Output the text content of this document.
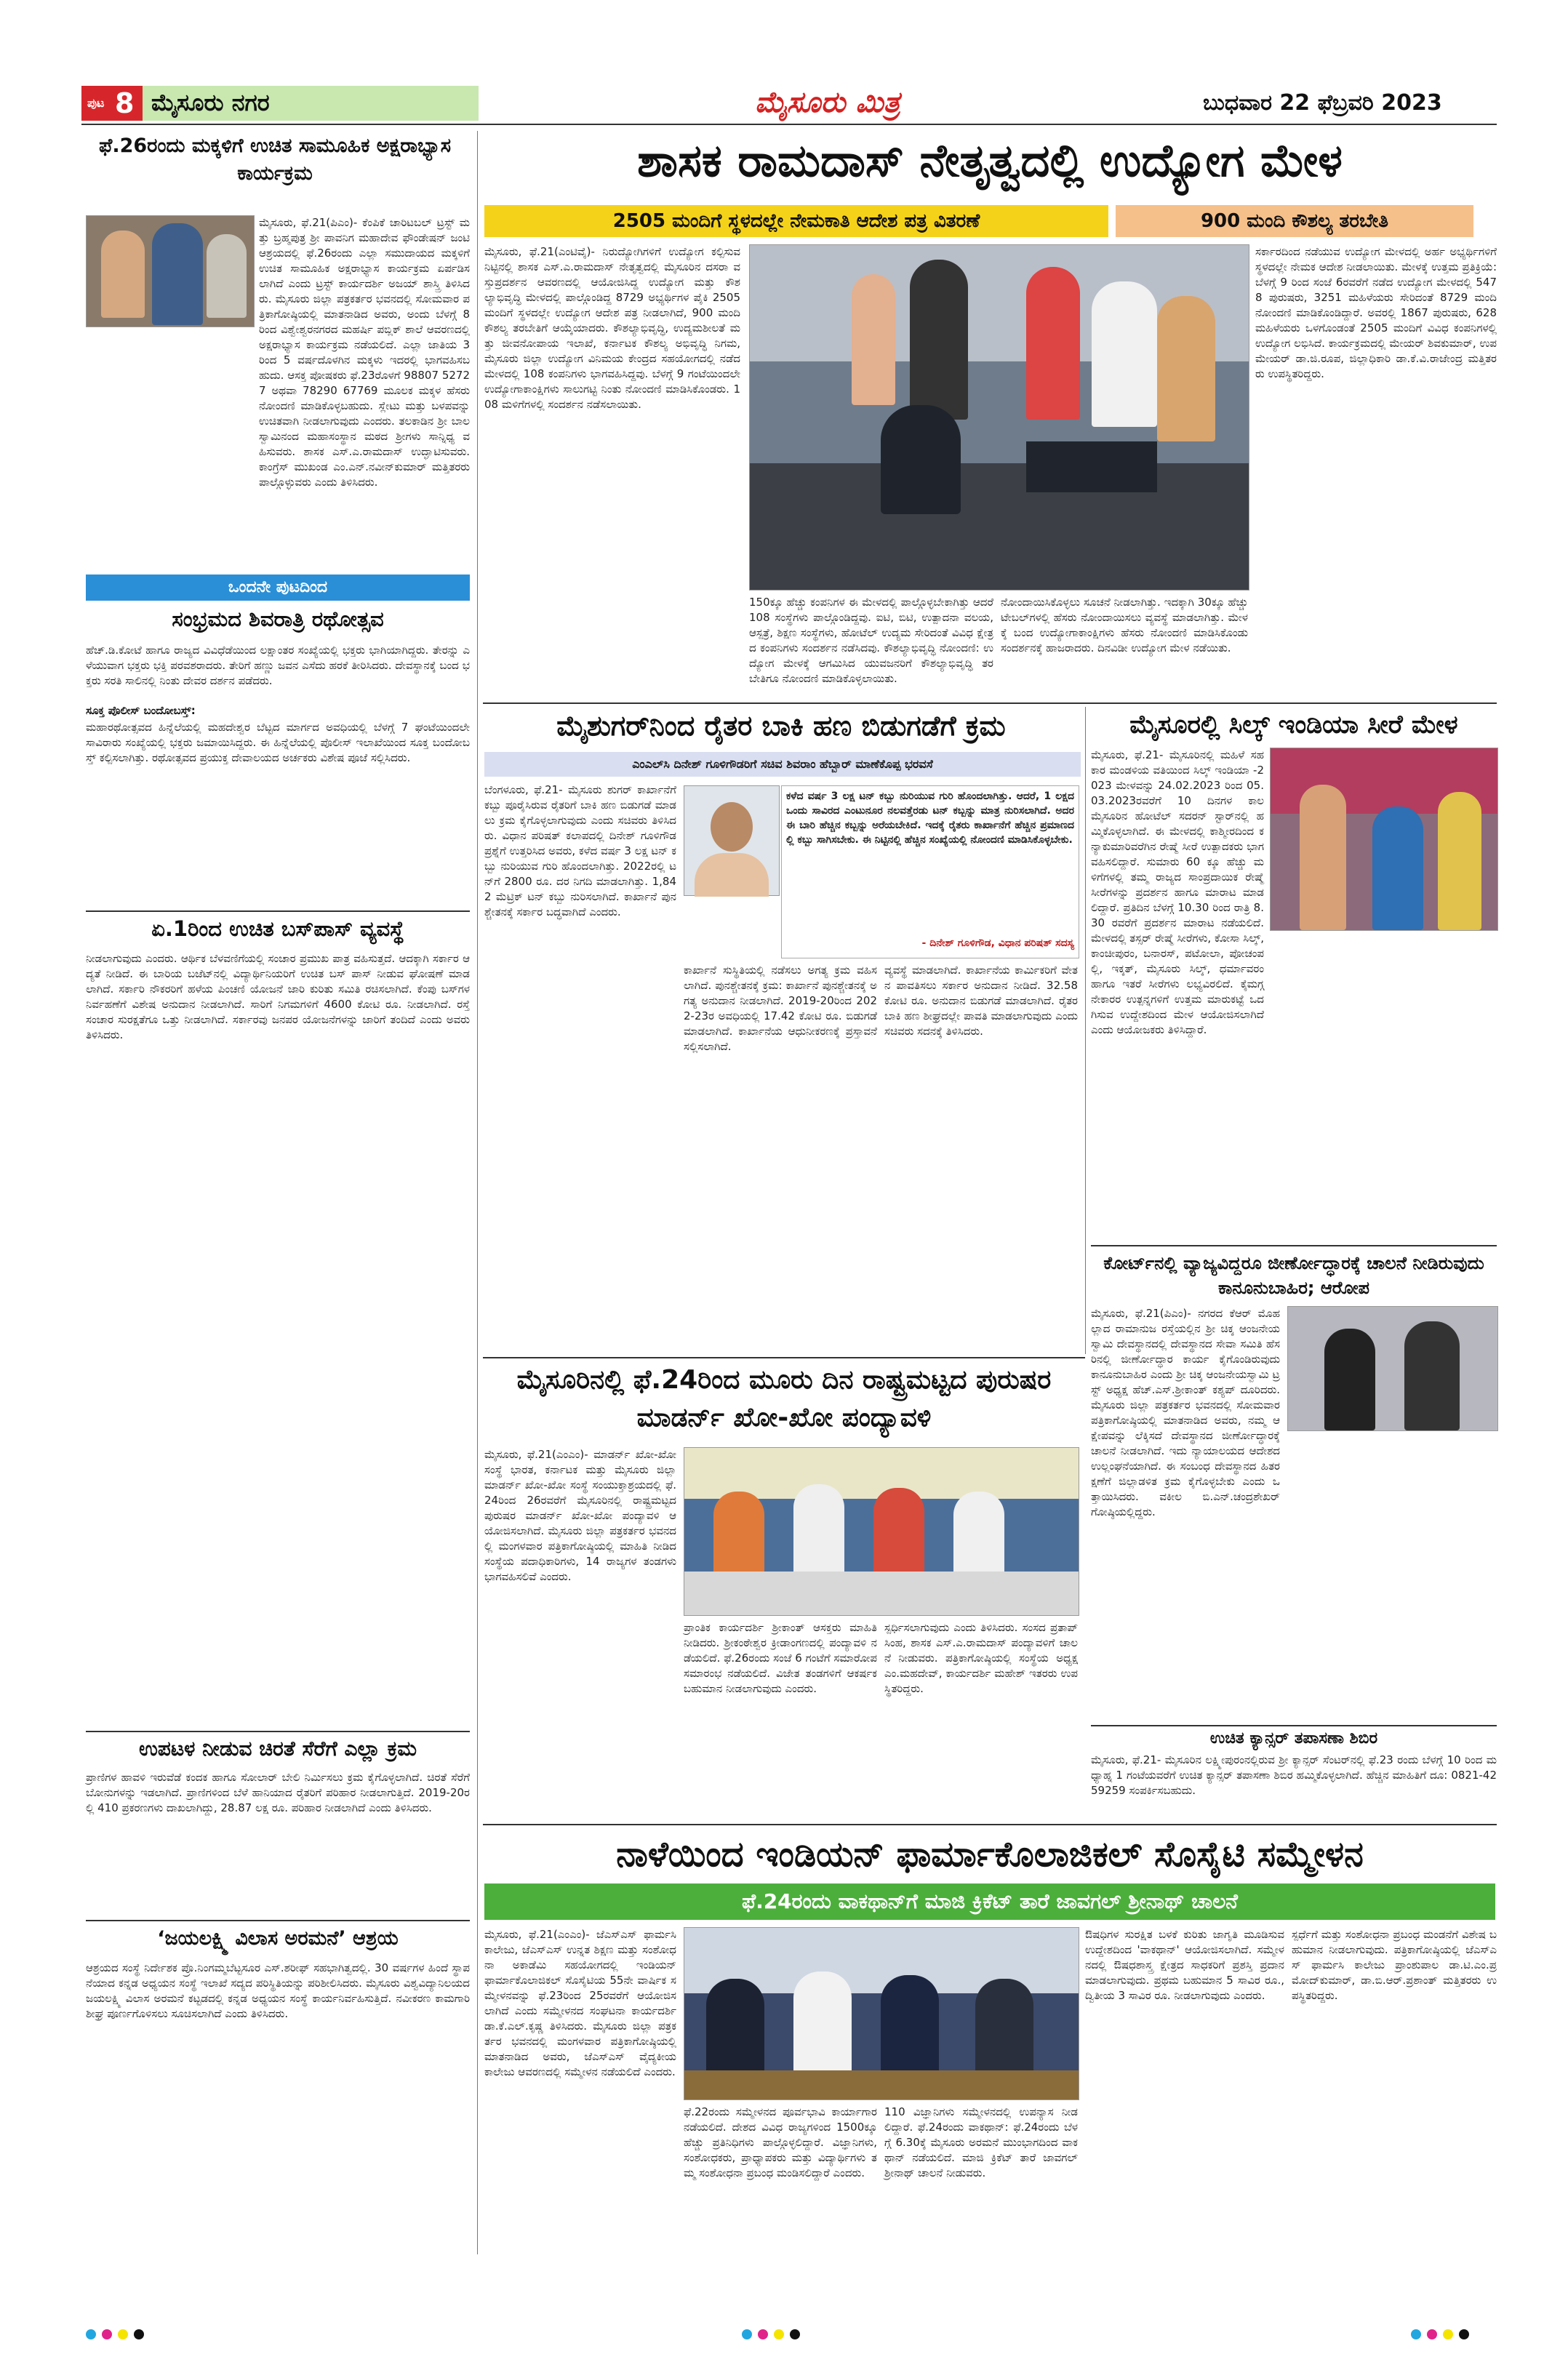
ಪುಟ 8 ಮೈಸೂರು ನಗರ	ಮೈಸೂರು ಮಿತ್ರ	ಬುಧವಾರ 22 ಫೆಬ್ರವರಿ 2023
ಫೆ.26ರಂದು ಮಕ್ಕಳಿಗೆ ಉಚಿತ ಸಾಮೂಹಿಕ ಅಕ್ಷರಾಭ್ಯಾಸ ಕಾರ್ಯಕ್ರಮ
ಮೈಸೂರು, ಫೆ.21(ಪಿಎಂ)- ಕೆಂಪಿಕೆ ಚಾರಿಟಬಲ್ ಟ್ರಸ್ಟ್ ಮತ್ತು ಬ್ರಹ್ಮಪುತ್ರ ಶ್ರೀ ಪಾವನಿಗ ಮಹಾದೇವ ಫೌಂಡೇಷನ್ ಜಂಟಿ ಆಶ್ರಯದಲ್ಲಿ ಫೆ.26ರಂದು ಎಲ್ಲಾ ಸಮುದಾಯದ ಮಕ್ಕಳಿಗೆ ಉಚಿತ ಸಾಮೂಹಿಕ ಅಕ್ಷರಾಭ್ಯಾಸ ಕಾರ್ಯಕ್ರಮ ಏರ್ಪಡಿಸಲಾಗಿದೆ ಎಂದು ಟ್ರಸ್ಟ್ ಕಾರ್ಯದರ್ಶಿ ಅಜಯ್ ಶಾಸ್ತ್ರಿ ತಿಳಿಸಿದರು. ಮೈಸೂರು ಜಿಲ್ಲಾ ಪತ್ರಕರ್ತರ ಭವನದಲ್ಲಿ ಸೋಮವಾರ ಪತ್ರಿಕಾಗೋಷ್ಠಿಯಲ್ಲಿ ಮಾತನಾಡಿದ ಅವರು, ಅಂದು ಬೆಳಗ್ಗೆ 8ರಿಂದ ವಿಶ್ವೇಶ್ವರನಗರದ ಮಹರ್ಷಿ ಪಬ್ಲಿಕ್ ಶಾಲೆ ಆವರಣದಲ್ಲಿ ಅಕ್ಷರಾಭ್ಯಾಸ ಕಾರ್ಯಕ್ರಮ ನಡೆಯಲಿದೆ. ಎಲ್ಲಾ ಜಾತಿಯ 3ರಿಂದ 5 ವರ್ಷದೊಳಗಿನ ಮಕ್ಕಳು ಇದರಲ್ಲಿ ಭಾಗವಹಿಸಬಹುದು. ಆಸಕ್ತ ಪೋಷಕರು ಫೆ.23ರೊಳಗೆ 98807 52727 ಅಥವಾ 78290 67769 ಮೂಲಕ ಮಕ್ಕಳ ಹೆಸರು ನೋಂದಣಿ ಮಾಡಿಕೊಳ್ಳಬಹುದು. ಸ್ಲೇಟು ಮತ್ತು ಬಳಪವನ್ನು ಉಚಿತವಾಗಿ ನೀಡಲಾಗುವುದು ಎಂದರು. ತಲಕಾಡಿನ ಶ್ರೀ ಬಾಲಸ್ವಾಮಿನಂದ ಮಹಾಸಂಸ್ಥಾನ ಮಠದ ಶ್ರೀಗಳು ಸಾನ್ನಿಧ್ಯ ವಹಿಸುವರು. ಶಾಸಕ ಎಸ್.ಎ.ರಾಮದಾಸ್ ಉದ್ಘಾಟಿಸುವರು. ಕಾಂಗ್ರೆಸ್ ಮುಖಂಡ ಎಂ.ಎನ್.ನವೀನ್‌ಕುಮಾರ್ ಮತ್ತಿತರರು ಪಾಲ್ಗೊಳ್ಳುವರು ಎಂದು ತಿಳಿಸಿದರು.
ಒಂದನೇ ಪುಟದಿಂದ
ಸಂಭ್ರಮದ ಶಿವರಾತ್ರಿ ರಥೋತ್ಸವ
ಹೆಚ್.ಡಿ.ಕೋಟೆ ಹಾಗೂ ರಾಜ್ಯದ ವಿವಿಧೆಡೆಯಿಂದ ಲಕ್ಷಾಂತರ ಸಂಖ್ಯೆಯಲ್ಲಿ ಭಕ್ತರು ಭಾಗಿಯಾಗಿದ್ದರು. ತೇರನ್ನು ಎಳೆಯುವಾಗ ಭಕ್ತರು ಭಕ್ತಿ ಪರವಶರಾದರು. ತೇರಿಗೆ ಹಣ್ಣು ಜವನ ಎಸೆದು ಹರಕೆ ತೀರಿಸಿದರು. ದೇವಸ್ಥಾನಕ್ಕೆ ಬಂದ ಭಕ್ತರು ಸರತಿ ಸಾಲಿನಲ್ಲಿ ನಿಂತು ದೇವರ ದರ್ಶನ ಪಡೆದರು.
ಸೂಕ್ತ ಪೊಲೀಸ್ ಬಂದೋಬಸ್ತ್:
ಮಹಾರಥೋತ್ಸವದ ಹಿನ್ನೆಲೆಯಲ್ಲಿ ಮಹದೇಶ್ವರ ಬೆಟ್ಟದ ಮಾರ್ಗದ ಅವಧಿಯಲ್ಲಿ ಬೆಳಗ್ಗೆ 7 ಘಂಟೆಯಿಂದಲೇ ಸಾವಿರಾರು ಸಂಖ್ಯೆಯಲ್ಲಿ ಭಕ್ತರು ಜಮಾಯಿಸಿದ್ದರು. ಈ ಹಿನ್ನೆಲೆಯಲ್ಲಿ ಪೊಲೀಸ್ ಇಲಾಖೆಯಿಂದ ಸೂಕ್ತ ಬಂದೋಬಸ್ತ್ ಕಲ್ಪಿಸಲಾಗಿತ್ತು. ರಥೋತ್ಸವದ ಪ್ರಯುಕ್ತ ದೇವಾಲಯದ ಅರ್ಚಕರು ವಿಶೇಷ ಪೂಜೆ ಸಲ್ಲಿಸಿದರು.
ಏ.1ರಿಂದ ಉಚಿತ ಬಸ್‌ಪಾಸ್ ವ್ಯವಸ್ಥೆ
ನೀಡಲಾಗುವುದು ಎಂದರು. ಆರ್ಥಿಕ ಬೆಳವಣಿಗೆಯಲ್ಲಿ ಸಂಚಾರ ಪ್ರಮುಖ ಪಾತ್ರ ವಹಿಸುತ್ತದೆ. ಆದಕ್ಕಾಗಿ ಸರ್ಕಾರ ಆದ್ಯತೆ ನೀಡಿದೆ. ಈ ಬಾರಿಯ ಬಜೆಟ್‌ನಲ್ಲಿ ವಿದ್ಯಾರ್ಥಿನಿಯರಿಗೆ ಉಚಿತ ಬಸ್ ಪಾಸ್ ನೀಡುವ ಘೋಷಣೆ ಮಾಡಲಾಗಿದೆ. ಸರ್ಕಾರಿ ನೌಕರರಿಗೆ ಹಳೆಯ ಪಿಂಚಣಿ ಯೋಜನೆ ಜಾರಿ ಕುರಿತು ಸಮಿತಿ ರಚಿಸಲಾಗಿದೆ. ಕೆಂಪು ಬಸ್‌ಗಳ ನಿರ್ವಹಣೆಗೆ ವಿಶೇಷ ಅನುದಾನ ನೀಡಲಾಗಿದೆ. ಸಾರಿಗೆ ನಿಗಮಗಳಿಗೆ 4600 ಕೋಟಿ ರೂ. ನೀಡಲಾಗಿದೆ. ರಸ್ತೆ ಸಂಚಾರ ಸುರಕ್ಷತೆಗೂ ಒತ್ತು ನೀಡಲಾಗಿದೆ. ಸರ್ಕಾರವು ಜನಪರ ಯೋಜನೆಗಳನ್ನು ಜಾರಿಗೆ ತಂದಿದೆ ಎಂದು ಅವರು ತಿಳಿಸಿದರು.
ಉಪಟಳ ನೀಡುವ ಚಿರತೆ ಸೆರೆಗೆ ಎಲ್ಲಾ ಕ್ರಮ
ಪ್ರಾಣಿಗಳ ಹಾವಳಿ ಇರುವೆಡೆ ಕಂದಕ ಹಾಗೂ ಸೋಲಾರ್ ಬೇಲಿ ನಿರ್ಮಿಸಲು ಕ್ರಮ ಕೈಗೊಳ್ಳಲಾಗಿದೆ. ಚಿರತೆ ಸೆರೆಗೆ ಬೋನುಗಳನ್ನು ಇಡಲಾಗಿದೆ. ಪ್ರಾಣಿಗಳಿಂದ ಬೆಳೆ ಹಾನಿಯಾದ ರೈತರಿಗೆ ಪರಿಹಾರ ನೀಡಲಾಗುತ್ತಿದೆ. 2019-20ರಲ್ಲಿ 410 ಪ್ರಕರಣಗಳು ದಾಖಲಾಗಿದ್ದು, 28.87 ಲಕ್ಷ ರೂ. ಪರಿಹಾರ ನೀಡಲಾಗಿದೆ ಎಂದು ತಿಳಿಸಿದರು.
‘ಜಯಲಕ್ಷ್ಮಿ ವಿಲಾಸ ಅರಮನೆ’ ಆಶ್ರಯ
ಆಶ್ರಯದ ಸಂಸ್ಥೆ ನಿರ್ದೇಶಕ ಪ್ರೊ.ನಿಂಗಮ್ಮಬೆಟ್ಟಸೂರ ಎಸ್.ಶರೀಫ್ ಸಹಭಾಗಿತ್ವದಲ್ಲಿ. 30 ವರ್ಷಗಳ ಹಿಂದೆ ಸ್ಥಾಪನೆಯಾದ ಕನ್ನಡ ಅಧ್ಯಯನ ಸಂಸ್ಥೆ ಇಲಾಖೆ ಸದ್ಯದ ಪರಿಸ್ಥಿತಿಯನ್ನು ಪರಿಶೀಲಿಸಿದರು. ಮೈಸೂರು ವಿಶ್ವವಿದ್ಯಾನಿಲಯದ ಜಯಲಕ್ಷ್ಮಿ ವಿಲಾಸ ಅರಮನೆ ಕಟ್ಟಡದಲ್ಲಿ ಕನ್ನಡ ಅಧ್ಯಯನ ಸಂಸ್ಥೆ ಕಾರ್ಯನಿರ್ವಹಿಸುತ್ತಿದೆ. ನವೀಕರಣ ಕಾಮಗಾರಿ ಶೀಘ್ರ ಪೂರ್ಣಗೊಳಿಸಲು ಸೂಚಿಸಲಾಗಿದೆ ಎಂದು ತಿಳಿಸಿದರು.
ಶಾಸಕ ರಾಮದಾಸ್ ನೇತೃತ್ವದಲ್ಲಿ ಉದ್ಯೋಗ ಮೇಳ
2505 ಮಂದಿಗೆ ಸ್ಥಳದಲ್ಲೇ ನೇಮಕಾತಿ ಆದೇಶ ಪತ್ರ ವಿತರಣೆ	900 ಮಂದಿ ಕೌಶಲ್ಯ ತರಬೇತಿ
ಮೈಸೂರು, ಫೆ.21(ಎಂಟಿವೈ)- ನಿರುದ್ಯೋಗಿಗಳಿಗೆ ಉದ್ಯೋಗ ಕಲ್ಪಿಸುವ ನಿಟ್ಟಿನಲ್ಲಿ ಶಾಸಕ ಎಸ್.ಎ.ರಾಮದಾಸ್ ನೇತೃತ್ವದಲ್ಲಿ ಮೈಸೂರಿನ ದಸರಾ ವಸ್ತುಪ್ರದರ್ಶನ ಆವರಣದಲ್ಲಿ ಆಯೋಜಿಸಿದ್ದ ಉದ್ಯೋಗ ಮತ್ತು ಕೌಶಲ್ಯಾಭಿವೃದ್ಧಿ ಮೇಳದಲ್ಲಿ ಪಾಲ್ಗೊಂಡಿದ್ದ 8729 ಅಭ್ಯರ್ಥಿಗಳ ಪೈಕಿ 2505 ಮಂದಿಗೆ ಸ್ಥಳದಲ್ಲೇ ಉದ್ಯೋಗ ಆದೇಶ ಪತ್ರ ನೀಡಲಾಗಿದೆ, 900 ಮಂದಿ ಕೌಶಲ್ಯ ತರಬೇತಿಗೆ ಆಯ್ಕೆಯಾದರು. ಕೌಶಲ್ಯಾಭಿವೃದ್ಧಿ, ಉದ್ಯಮಶೀಲತೆ ಮತ್ತು ಜೀವನೋಪಾಯ ಇಲಾಖೆ, ಕರ್ನಾಟಕ ಕೌಶಲ್ಯ ಅಭಿವೃದ್ಧಿ ನಿಗಮ, ಮೈಸೂರು ಜಿಲ್ಲಾ ಉದ್ಯೋಗ ವಿನಿಮಯ ಕೇಂದ್ರದ ಸಹಯೋಗದಲ್ಲಿ ನಡೆದ ಮೇಳದಲ್ಲಿ 108 ಕಂಪನಿಗಳು ಭಾಗವಹಿಸಿದ್ದವು. ಬೆಳಗ್ಗೆ 9 ಗಂಟೆಯಿಂದಲೇ ಉದ್ಯೋಗಾಕಾಂಕ್ಷಿಗಳು ಸಾಲುಗಟ್ಟಿ ನಿಂತು ನೋಂದಣಿ ಮಾಡಿಸಿಕೊಂಡರು. 108 ಮಳಿಗೆಗಳಲ್ಲಿ ಸಂದರ್ಶನ ನಡೆಸಲಾಯಿತು.
150ಕ್ಕೂ ಹೆಚ್ಚು ಕಂಪನಿಗಳ ಈ ಮೇಳದಲ್ಲಿ ಪಾಲ್ಗೊಳ್ಳಬೇಕಾಗಿತ್ತು ಆದರೆ 108 ಸಂಸ್ಥೆಗಳು ಪಾಲ್ಗೊಂಡಿದ್ದವು. ಐಟಿ, ಬಿಟಿ, ಉತ್ಪಾದನಾ ವಲಯ, ಆಸ್ಪತ್ರೆ, ಶಿಕ್ಷಣ ಸಂಸ್ಥೆಗಳು, ಹೋಟೆಲ್ ಉದ್ಯಮ ಸೇರಿದಂತೆ ವಿವಿಧ ಕ್ಷೇತ್ರದ ಕಂಪನಿಗಳು ಸಂದರ್ಶನ ನಡೆಸಿದವು. ಕೌಶಲ್ಯಾಭಿವೃದ್ಧಿ ನೋಂದಣಿ: ಉದ್ಯೋಗ ಮೇಳಕ್ಕೆ ಆಗಮಿಸಿದ ಯುವಜನರಿಗೆ ಕೌಶಲ್ಯಾಭಿವೃದ್ಧಿ ತರಬೇತಿಗೂ ನೋಂದಣಿ ಮಾಡಿಕೊಳ್ಳಲಾಯಿತು.
ನೋಂದಾಯಿಸಿಕೊಳ್ಳಲು ಸೂಚನೆ ನೀಡಲಾಗಿತ್ತು. ಇದಕ್ಕಾಗಿ 30ಕ್ಕೂ ಹೆಚ್ಚು ಟೇಬಲ್‌ಗಳಲ್ಲಿ ಹೆಸರು ನೋಂದಾಯಿಸಲು ವ್ಯವಸ್ಥೆ ಮಾಡಲಾಗಿತ್ತು. ಮೇಳಕ್ಕೆ ಬಂದ ಉದ್ಯೋಗಾಕಾಂಕ್ಷಿಗಳು ಹೆಸರು ನೋಂದಣಿ ಮಾಡಿಸಿಕೊಂಡು ಸಂದರ್ಶನಕ್ಕೆ ಹಾಜರಾದರು. ದಿನವಿಡೀ ಉದ್ಯೋಗ ಮೇಳ ನಡೆಯಿತು.
ಸರ್ಕಾರದಿಂದ ನಡೆಯುವ ಉದ್ಯೋಗ ಮೇಳದಲ್ಲಿ ಅರ್ಹ ಅಭ್ಯರ್ಥಿಗಳಿಗೆ ಸ್ಥಳದಲ್ಲೇ ನೇಮಕ ಆದೇಶ ನೀಡಲಾಯಿತು. ಮೇಳಕ್ಕೆ ಉತ್ತಮ ಪ್ರತಿಕ್ರಿಯೆ: ಬೆಳಗ್ಗೆ 9 ರಿಂದ ಸಂಜೆ 6ರವರೆಗೆ ನಡೆದ ಉದ್ಯೋಗ ಮೇಳದಲ್ಲಿ 5478 ಪುರುಷರು, 3251 ಮಹಿಳೆಯರು ಸೇರಿದಂತೆ 8729 ಮಂದಿ ನೋಂದಣಿ ಮಾಡಿಕೊಂಡಿದ್ದಾರೆ. ಅವರಲ್ಲಿ 1867 ಪುರುಷರು, 628 ಮಹಿಳೆಯರು ಒಳಗೊಂಡಂತೆ 2505 ಮಂದಿಗೆ ವಿವಿಧ ಕಂಪನಿಗಳಲ್ಲಿ ಉದ್ಯೋಗ ಲಭಿಸಿದೆ. ಕಾರ್ಯಕ್ರಮದಲ್ಲಿ ಮೇಯರ್ ಶಿವಕುಮಾರ್, ಉಪಮೇಯರ್ ಡಾ.ಜಿ.ರೂಪ, ಜಿಲ್ಲಾಧಿಕಾರಿ ಡಾ.ಕೆ.ವಿ.ರಾಜೇಂದ್ರ ಮತ್ತಿತರರು ಉಪಸ್ಥಿತರಿದ್ದರು.
ಮೈಶುಗರ್‌ನಿಂದ ರೈತರ ಬಾಕಿ ಹಣ ಬಿಡುಗಡೆಗೆ ಕ್ರಮ
ಎಂಎಲ್‌ಸಿ ದಿನೇಶ್ ಗೂಳಿಗೌಡರಿಗೆ ಸಚಿವ ಶಿವರಾಂ ಹೆಬ್ಬಾರ್ ಮಾಣೆಕೊಪ್ಪ ಭರವಸೆ
ಬೆಂಗಳೂರು, ಫೆ.21- ಮೈಸೂರು ಶುಗರ್ ಕಾರ್ಖಾನೆಗೆ ಕಬ್ಬು ಪೂರೈಸಿರುವ ರೈತರಿಗೆ ಬಾಕಿ ಹಣ ಬಿಡುಗಡೆ ಮಾಡಲು ಕ್ರಮ ಕೈಗೊಳ್ಳಲಾಗುವುದು ಎಂದು ಸಚಿವರು ತಿಳಿಸಿದರು. ವಿಧಾನ ಪರಿಷತ್ ಕಲಾಪದಲ್ಲಿ ದಿನೇಶ್ ಗೂಳಿಗೌಡ ಪ್ರಶ್ನೆಗೆ ಉತ್ತರಿಸಿದ ಅವರು, ಕಳೆದ ವರ್ಷ 3 ಲಕ್ಷ ಟನ್ ಕಬ್ಬು ನುರಿಯುವ ಗುರಿ ಹೊಂದಲಾಗಿತ್ತು. 2022ರಲ್ಲಿ ಟನ್‌ಗೆ 2800 ರೂ. ದರ ನಿಗದಿ ಮಾಡಲಾಗಿತ್ತು. 1,842 ಮೆಟ್ರಿಕ್ ಟನ್ ಕಬ್ಬು ನುರಿಸಲಾಗಿದೆ. ಕಾರ್ಖಾನೆ ಪುನಶ್ಚೇತನಕ್ಕೆ ಸರ್ಕಾರ ಬದ್ಧವಾಗಿದೆ ಎಂದರು.
ಕಳೆದ ವರ್ಷ 3 ಲಕ್ಷ ಟನ್ ಕಬ್ಬು ನುರಿಯುವ ಗುರಿ ಹೊಂದಲಾಗಿತ್ತು. ಆದರೆ, 1 ಲಕ್ಷದ ಒಂದು ಸಾವಿರದ ಎಂಟುನೂರ ನಲವತ್ತೆರಡು ಟನ್ ಕಬ್ಬನ್ನು ಮಾತ್ರ ನುರಿಸಲಾಗಿದೆ. ಅದರ ಈ ಬಾರಿ ಹೆಚ್ಚಿನ ಕಬ್ಬನ್ನು ಅರೆಯಬೇಕಿದೆ. ಇದಕ್ಕೆ ರೈತರು ಕಾರ್ಖಾನೆಗೆ ಹೆಚ್ಚಿನ ಪ್ರಮಾಣದಲ್ಲಿ ಕಬ್ಬು ಸಾಗಿಸಬೇಕು. ಈ ನಿಟ್ಟಿನಲ್ಲಿ ಹೆಚ್ಚಿನ ಸಂಖ್ಯೆಯಲ್ಲಿ ನೋಂದಣಿ ಮಾಡಿಸಿಕೊಳ್ಳಬೇಕು.
- ದಿನೇಶ್ ಗೂಳಿಗೌಡ, ವಿಧಾನ ಪರಿಷತ್ ಸದಸ್ಯ
ಕಾರ್ಖಾನೆ ಸುಸ್ಥಿತಿಯಲ್ಲಿ ನಡೆಸಲು ಅಗತ್ಯ ಕ್ರಮ ವಹಿಸಲಾಗಿದೆ. ಪುನಶ್ಚೇತನಕ್ಕೆ ಕ್ರಮ: ಕಾರ್ಖಾನೆ ಪುನಶ್ಚೇತನಕ್ಕೆ ಅಗತ್ಯ ಅನುದಾನ ನೀಡಲಾಗಿದೆ. 2019-20ರಿಂದ 2022-23ರ ಅವಧಿಯಲ್ಲಿ 17.42 ಕೋಟಿ ರೂ. ಬಿಡುಗಡೆ ಮಾಡಲಾಗಿದೆ. ಕಾರ್ಖಾನೆಯ ಆಧುನೀಕರಣಕ್ಕೆ ಪ್ರಸ್ತಾವನೆ ಸಲ್ಲಿಸಲಾಗಿದೆ.
ವ್ಯವಸ್ಥೆ ಮಾಡಲಾಗಿದೆ. ಕಾರ್ಖಾನೆಯ ಕಾರ್ಮಿಕರಿಗೆ ವೇತನ ಪಾವತಿಸಲು ಸರ್ಕಾರ ಅನುದಾನ ನೀಡಿದೆ. 32.58 ಕೋಟಿ ರೂ. ಅನುದಾನ ಬಿಡುಗಡೆ ಮಾಡಲಾಗಿದೆ. ರೈತರ ಬಾಕಿ ಹಣ ಶೀಘ್ರದಲ್ಲೇ ಪಾವತಿ ಮಾಡಲಾಗುವುದು ಎಂದು ಸಚಿವರು ಸದನಕ್ಕೆ ತಿಳಿಸಿದರು.
ಮೈಸೂರಲ್ಲಿ ಸಿಲ್ಕ್ ಇಂಡಿಯಾ ಸೀರೆ ಮೇಳ
ಮೈಸೂರು, ಫೆ.21- ಮೈಸೂರಿನಲ್ಲಿ ಮಹಿಳೆ ಸಹಕಾರ ಮಂಡಳಿಯ ವತಿಯಿಂದ ಸಿಲ್ಕ್ ಇಂಡಿಯಾ -2023 ಮೇಳವನ್ನು 24.02.2023 ರಿಂದ 05.03.2023ರವರೆಗೆ 10 ದಿನಗಳ ಕಾಲ ಮೈಸೂರಿನ ಹೋಟೆಲ್ ಸದರನ್ ಸ್ಟಾರ್‌ನಲ್ಲಿ ಹಮ್ಮಿಕೊಳ್ಳಲಾಗಿದೆ. ಈ ಮೇಳದಲ್ಲಿ ಕಾಶ್ಮೀರದಿಂದ ಕನ್ಯಾಕುಮಾರಿವರೆಗಿನ ರೇಷ್ಮೆ ಸೀರೆ ಉತ್ಪಾದಕರು ಭಾಗವಹಿಸಲಿದ್ದಾರೆ. ಸುಮಾರು 60 ಕ್ಕೂ ಹೆಚ್ಚು ಮಳಿಗೆಗಳಲ್ಲಿ ತಮ್ಮ ರಾಜ್ಯದ ಸಾಂಪ್ರದಾಯಿಕ ರೇಷ್ಮೆ ಸೀರೆಗಳನ್ನು ಪ್ರದರ್ಶನ ಹಾಗೂ ಮಾರಾಟ ಮಾಡಲಿದ್ದಾರೆ. ಪ್ರತಿದಿನ ಬೆಳಗ್ಗೆ 10.30 ರಿಂದ ರಾತ್ರಿ 8.30 ರವರೆಗೆ ಪ್ರದರ್ಶನ ಮಾರಾಟ ನಡೆಯಲಿದೆ. ಮೇಳದಲ್ಲಿ ತಸ್ಸರ್ ರೇಷ್ಮೆ ಸೀರೆಗಳು, ಕೋಸಾ ಸಿಲ್ಕ್, ಕಾಂಚೀಪುರಂ, ಬನಾರಸ್, ಪಟೋಲಾ, ಪೋಚಂಪಲ್ಲಿ, ಇಕ್ಕತ್, ಮೈಸೂರು ಸಿಲ್ಕ್, ಧರ್ಮಾವರಂ ಹಾಗೂ ಇತರೆ ಸೀರೆಗಳು ಲಭ್ಯವಿರಲಿದೆ. ಕೈಮಗ್ಗ ನೇಕಾರರ ಉತ್ಪನ್ನಗಳಿಗೆ ಉತ್ತಮ ಮಾರುಕಟ್ಟೆ ಒದಗಿಸುವ ಉದ್ದೇಶದಿಂದ ಮೇಳ ಆಯೋಜಿಸಲಾಗಿದೆ ಎಂದು ಆಯೋಜಕರು ತಿಳಿಸಿದ್ದಾರೆ.
ಕೋರ್ಟ್‌ನಲ್ಲಿ ವ್ಯಾಜ್ಯವಿದ್ದರೂ ಜೀರ್ಣೋದ್ಧಾರಕ್ಕೆ ಚಾಲನೆ ನೀಡಿರುವುದು ಕಾನೂನುಬಾಹಿರ; ಆರೋಪ
ಮೈಸೂರು, ಫೆ.21(ಪಿಎಂ)- ನಗರದ ಕೆಆರ್ ಮೊಹಲ್ಲಾದ ರಾಮಾನುಜ ರಸ್ತೆಯಲ್ಲಿನ ಶ್ರೀ ಚಿಕ್ಕ ಆಂಜನೇಯಸ್ವಾಮಿ ದೇವಸ್ಥಾನದಲ್ಲಿ ದೇವಸ್ಥಾನದ ಸೇವಾ ಸಮಿತಿ ಹೆಸರಿನಲ್ಲಿ ಜೀರ್ಣೋದ್ಧಾರ ಕಾರ್ಯ ಕೈಗೊಂಡಿರುವುದು ಕಾನೂನುಬಾಹಿರ ಎಂದು ಶ್ರೀ ಚಿಕ್ಕ ಆಂಜನೇಯಸ್ವಾಮಿ ಟ್ರಸ್ಟ್ ಅಧ್ಯಕ್ಷ ಹೆಚ್.ಎಸ್.ಶ್ರೀಕಾಂತ್ ಕಶ್ಯಪ್ ದೂರಿದರು. ಮೈಸೂರು ಜಿಲ್ಲಾ ಪತ್ರಕರ್ತರ ಭವನದಲ್ಲಿ ಸೋಮವಾರ ಪತ್ರಿಕಾಗೋಷ್ಠಿಯಲ್ಲಿ ಮಾತನಾಡಿದ ಅವರು, ನಮ್ಮ ಆಕ್ಷೇಪವನ್ನು ಲೆಕ್ಕಿಸದೆ ದೇವಸ್ಥಾನದ ಜೀರ್ಣೋದ್ಧಾರಕ್ಕೆ ಚಾಲನೆ ನೀಡಲಾಗಿದೆ. ಇದು ನ್ಯಾಯಾಲಯದ ಆದೇಶದ ಉಲ್ಲಂಘನೆಯಾಗಿದೆ. ಈ ಸಂಬಂಧ ದೇವಸ್ಥಾನದ ಹಿತರಕ್ಷಣೆಗೆ ಜಿಲ್ಲಾಡಳಿತ ಕ್ರಮ ಕೈಗೊಳ್ಳಬೇಕು ಎಂದು ಒತ್ತಾಯಿಸಿದರು. ವಕೀಲ ಬಿ.ಎನ್.ಚಂದ್ರಶೇಖರ್ ಗೋಷ್ಠಿಯಲ್ಲಿದ್ದರು.
ಉಚಿತ ಕ್ಯಾನ್ಸರ್ ತಪಾಸಣಾ ಶಿಬಿರ
ಮೈಸೂರು, ಫೆ.21- ಮೈಸೂರಿನ ಲಕ್ಷ್ಮೀಪುರಂನಲ್ಲಿರುವ ಶ್ರೀ ಕ್ಯಾನ್ಸರ್ ಸೆಂಟರ್‌ನಲ್ಲಿ ಫೆ.23 ರಂದು ಬೆಳಗ್ಗೆ 10 ರಿಂದ ಮಧ್ಯಾಹ್ನ 1 ಗಂಟೆಯವರೆಗೆ ಉಚಿತ ಕ್ಯಾನ್ಸರ್ ತಪಾಸಣಾ ಶಿಬಿರ ಹಮ್ಮಿಕೊಳ್ಳಲಾಗಿದೆ. ಹೆಚ್ಚಿನ ಮಾಹಿತಿಗೆ ದೂ: 0821-4259259 ಸಂಪರ್ಕಿಸಬಹುದು.
ಮೈಸೂರಿನಲ್ಲಿ ಫೆ.24ರಿಂದ ಮೂರು ದಿನ ರಾಷ್ಟ್ರಮಟ್ಟದ ಪುರುಷರ ಮಾಡರ್ನ್ ಖೋ-ಖೋ ಪಂದ್ಯಾವಳಿ
ಮೈಸೂರು, ಫೆ.21(ಎಂಎಂ)- ಮಾಡರ್ನ್ ಖೋ-ಖೋ ಸಂಸ್ಥೆ ಭಾರತ, ಕರ್ನಾಟಕ ಮತ್ತು ಮೈಸೂರು ಜಿಲ್ಲಾ ಮಾಡರ್ನ್ ಖೋ-ಖೋ ಸಂಸ್ಥೆ ಸಂಯುಕ್ತಾಶ್ರಯದಲ್ಲಿ ಫೆ.24ರಿಂದ 26ರವರೆಗೆ ಮೈಸೂರಿನಲ್ಲಿ ರಾಷ್ಟ್ರಮಟ್ಟದ ಪುರುಷರ ಮಾಡರ್ನ್ ಖೋ-ಖೋ ಪಂದ್ಯಾವಳಿ ಆಯೋಜಿಸಲಾಗಿದೆ. ಮೈಸೂರು ಜಿಲ್ಲಾ ಪತ್ರಕರ್ತರ ಭವನದಲ್ಲಿ ಮಂಗಳವಾರ ಪತ್ರಿಕಾಗೋಷ್ಠಿಯಲ್ಲಿ ಮಾಹಿತಿ ನೀಡಿದ ಸಂಸ್ಥೆಯ ಪದಾಧಿಕಾರಿಗಳು, 14 ರಾಜ್ಯಗಳ ತಂಡಗಳು ಭಾಗವಹಿಸಲಿವೆ ಎಂದರು.
ಪ್ರಾಂತಿಕ ಕಾರ್ಯದರ್ಶಿ ಶ್ರೀಕಾಂತ್ ಆಸಕ್ತರು ಮಾಹಿತಿ ನೀಡಿದರು. ಶ್ರೀಕಂಠೇಶ್ವರ ಕ್ರೀಡಾಂಗಣದಲ್ಲಿ ಪಂದ್ಯಾವಳಿ ನಡೆಯಲಿದೆ. ಫೆ.26ರಂದು ಸಂಜೆ 6 ಗಂಟೆಗೆ ಸಮಾರೋಪ ಸಮಾರಂಭ ನಡೆಯಲಿದೆ. ವಿಜೇತ ತಂಡಗಳಿಗೆ ಆಕರ್ಷಕ ಬಹುಮಾನ ನೀಡಲಾಗುವುದು ಎಂದರು.
ಸ್ಪರ್ಧಿಸಲಾಗುವುದು ಎಂದು ತಿಳಿಸಿದರು. ಸಂಸದ ಪ್ರತಾಪ್ ಸಿಂಹ, ಶಾಸಕ ಎಸ್.ಎ.ರಾಮದಾಸ್ ಪಂದ್ಯಾವಳಿಗೆ ಚಾಲನೆ ನೀಡುವರು. ಪತ್ರಿಕಾಗೋಷ್ಠಿಯಲ್ಲಿ ಸಂಸ್ಥೆಯ ಅಧ್ಯಕ್ಷ ಎಂ.ಮಹದೇವ್, ಕಾರ್ಯದರ್ಶಿ ಮಹೇಶ್ ಇತರರು ಉಪಸ್ಥಿತರಿದ್ದರು.
ನಾಳೆಯಿಂದ ಇಂಡಿಯನ್ ಫಾರ್ಮಾಕೊಲಾಜಿಕಲ್ ಸೊಸೈಟಿ ಸಮ್ಮೇಳನ
ಫೆ.24ರಂದು ವಾಕಥಾನ್‌ಗೆ ಮಾಜಿ ಕ್ರಿಕೆಟ್ ತಾರೆ ಜಾವಗಲ್ ಶ್ರೀನಾಥ್ ಚಾಲನೆ
ಮೈಸೂರು, ಫೆ.21(ಎಂಎಂ)- ಜೆಎಸ್‌ಎಸ್ ಫಾರ್ಮಸಿ ಕಾಲೇಜು, ಜೆಎಸ್‌ಎಸ್ ಉನ್ನತ ಶಿಕ್ಷಣ ಮತ್ತು ಸಂಶೋಧನಾ ಅಕಾಡೆಮಿ ಸಹಯೋಗದಲ್ಲಿ ಇಂಡಿಯನ್ ಫಾರ್ಮಾಕೊಲಾಜಿಕಲ್ ಸೊಸೈಟಿಯ 55ನೇ ವಾರ್ಷಿಕ ಸಮ್ಮೇಳನವನ್ನು ಫೆ.23ರಿಂದ 25ರವರೆಗೆ ಆಯೋಜಿಸಲಾಗಿದೆ ಎಂದು ಸಮ್ಮೇಳನದ ಸಂಘಟನಾ ಕಾರ್ಯದರ್ಶಿ ಡಾ.ಕೆ.ಎಲ್.ಕೃಷ್ಣ ತಿಳಿಸಿದರು. ಮೈಸೂರು ಜಿಲ್ಲಾ ಪತ್ರಕರ್ತರ ಭವನದಲ್ಲಿ ಮಂಗಳವಾರ ಪತ್ರಿಕಾಗೋಷ್ಠಿಯಲ್ಲಿ ಮಾತನಾಡಿದ ಅವರು, ಜೆಎಸ್‌ಎಸ್ ವೈದ್ಯಕೀಯ ಕಾಲೇಜು ಆವರಣದಲ್ಲಿ ಸಮ್ಮೇಳನ ನಡೆಯಲಿದೆ ಎಂದರು.
ಫೆ.22ರಂದು ಸಮ್ಮೇಳನದ ಪೂರ್ವಭಾವಿ ಕಾರ್ಯಾಗಾರ ನಡೆಯಲಿದೆ. ದೇಶದ ವಿವಿಧ ರಾಜ್ಯಗಳಿಂದ 1500ಕ್ಕೂ ಹೆಚ್ಚು ಪ್ರತಿನಿಧಿಗಳು ಪಾಲ್ಗೊಳ್ಳಲಿದ್ದಾರೆ. ವಿಜ್ಞಾನಿಗಳು, ಸಂಶೋಧಕರು, ಪ್ರಾಧ್ಯಾಪಕರು ಮತ್ತು ವಿದ್ಯಾರ್ಥಿಗಳು ತಮ್ಮ ಸಂಶೋಧನಾ ಪ್ರಬಂಧ ಮಂಡಿಸಲಿದ್ದಾರೆ ಎಂದರು.
110 ವಿಜ್ಞಾನಿಗಳು ಸಮ್ಮೇಳನದಲ್ಲಿ ಉಪನ್ಯಾಸ ನೀಡಲಿದ್ದಾರೆ. ಫೆ.24ರಂದು ವಾಕಥಾನ್: ಫೆ.24ರಂದು ಬೆಳಗ್ಗೆ 6.30ಕ್ಕೆ ಮೈಸೂರು ಅರಮನೆ ಮುಂಭಾಗದಿಂದ ವಾಕಥಾನ್ ನಡೆಯಲಿದೆ. ಮಾಜಿ ಕ್ರಿಕೆಟ್ ತಾರೆ ಜಾವಗಲ್ ಶ್ರೀನಾಥ್ ಚಾಲನೆ ನೀಡುವರು.
ಔಷಧಿಗಳ ಸುರಕ್ಷಿತ ಬಳಕೆ ಕುರಿತು ಜಾಗೃತಿ ಮೂಡಿಸುವ ಉದ್ದೇಶದಿಂದ 'ವಾಕಥಾನ್' ಆಯೋಜಿಸಲಾಗಿದೆ. ಸಮ್ಮೇಳನದಲ್ಲಿ ಔಷಧಶಾಸ್ತ್ರ ಕ್ಷೇತ್ರದ ಸಾಧಕರಿಗೆ ಪ್ರಶಸ್ತಿ ಪ್ರದಾನ ಮಾಡಲಾಗುವುದು. ಪ್ರಥಮ ಬಹುಮಾನ 5 ಸಾವಿರ ರೂ., ದ್ವಿತೀಯ 3 ಸಾವಿರ ರೂ. ನೀಡಲಾಗುವುದು ಎಂದರು.
ಸ್ಪರ್ಧೆಗೆ ಮತ್ತು ಸಂಶೋಧನಾ ಪ್ರಬಂಧ ಮಂಡನೆಗೆ ವಿಶೇಷ ಬಹುಮಾನ ನೀಡಲಾಗುವುದು. ಪತ್ರಿಕಾಗೋಷ್ಠಿಯಲ್ಲಿ ಜೆಎಸ್‌ಎಸ್ ಫಾರ್ಮಸಿ ಕಾಲೇಜು ಪ್ರಾಂಶುಪಾಲ ಡಾ.ಟಿ.ಎಂ.ಪ್ರಮೋದ್‌ಕುಮಾರ್, ಡಾ.ಬಿ.ಆರ್.ಪ್ರಶಾಂತ್ ಮತ್ತಿತರರು ಉಪಸ್ಥಿತರಿದ್ದರು.
